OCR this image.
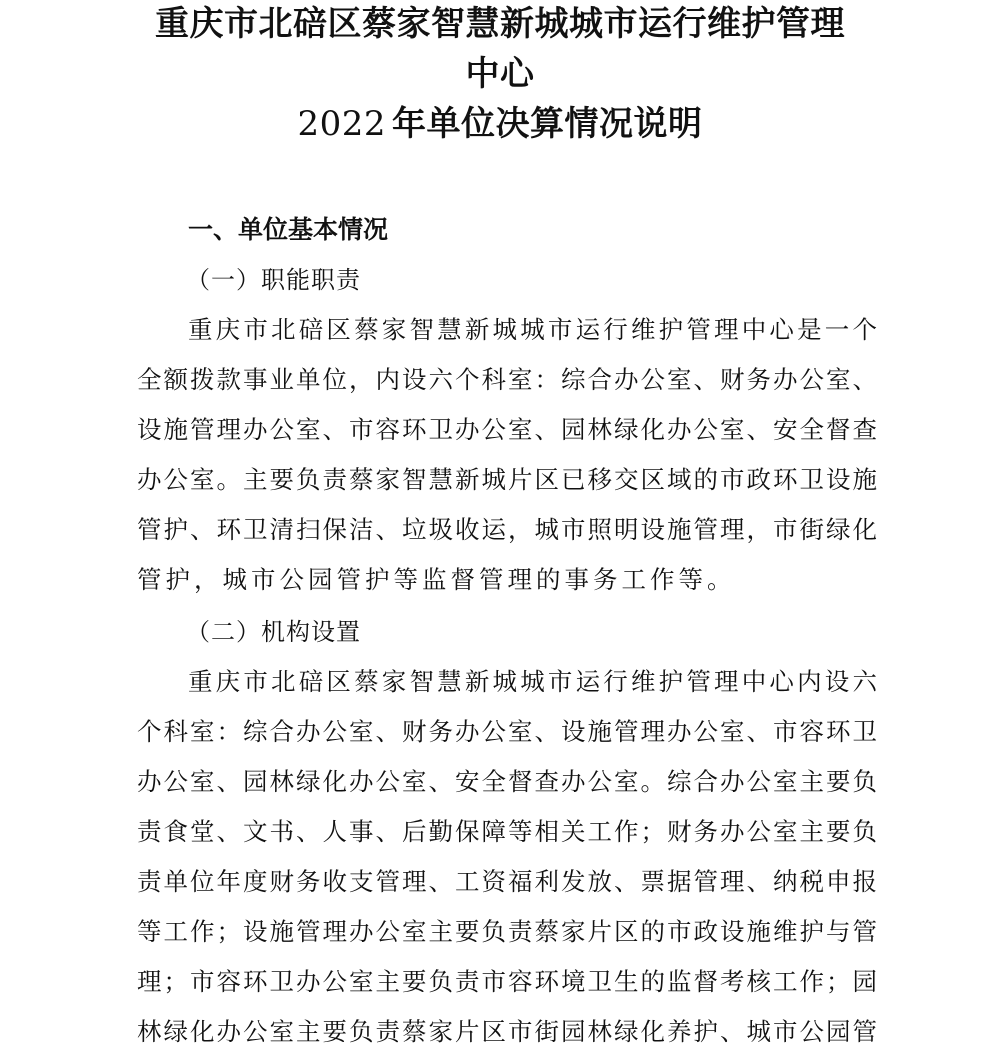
重庆市北碚区蔡家智慧新城城市运行维护管理
中心
2022 年单位决算情况说明
一、单位基本情况
（一）职能职责
重庆市北碚区蔡家智慧新城城市运行维护管理中心是一个
全额拨款事业单位，内设六个科室：综合办公室、财务办公室、
设施管理办公室、市容环卫办公室、园林绿化办公室、安全督查
办公室。主要负责蔡家智慧新城片区已移交区域的市政环卫设施
管护、环卫清扫保洁、垃圾收运，城市照明设施管理，市街绿化
管护，城市公园管护等监督管理的事务工作等。
（二）机构设置
重庆市北碚区蔡家智慧新城城市运行维护管理中心内设六
个科室：综合办公室、财务办公室、设施管理办公室、市容环卫
办公室、园林绿化办公室、安全督查办公室。综合办公室主要负
责食堂、文书、人事、后勤保障等相关工作；财务办公室主要负
责单位年度财务收支管理、工资福利发放、票据管理、纳税申报
等工作；设施管理办公室主要负责蔡家片区的市政设施维护与管
理；市容环卫办公室主要负责市容环境卫生的监督考核工作；园
林绿化办公室主要负责蔡家片区市街园林绿化养护、城市公园管
